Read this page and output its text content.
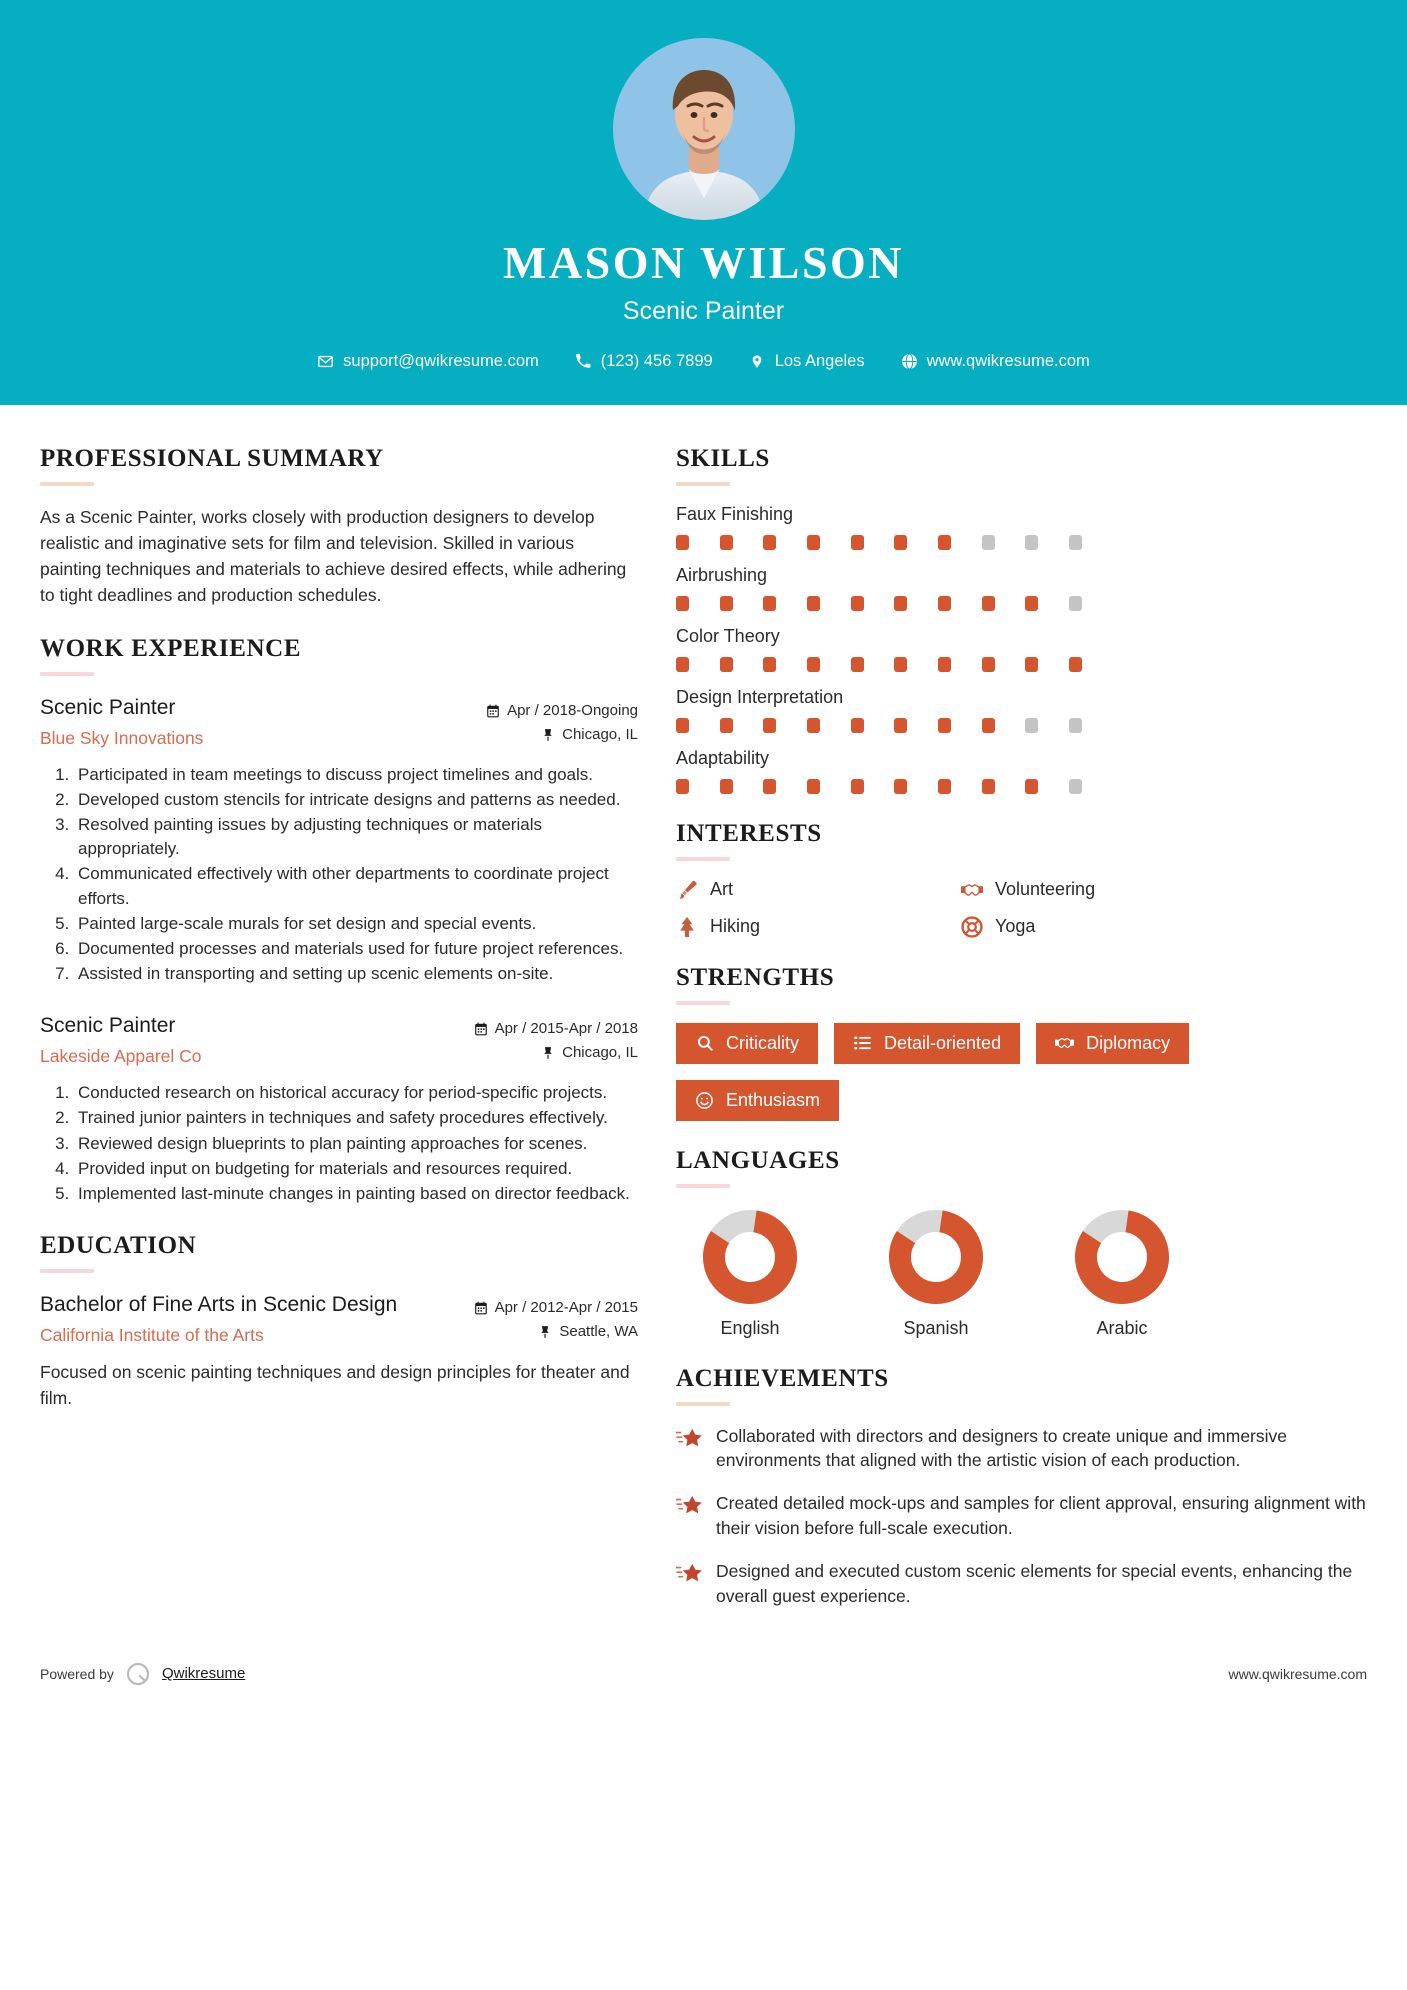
MASON WILSON
Scenic Painter
support@qwikresume.com	(123) 456 7899	Los Angeles	www.qwikresume.com
PROFESSIONAL SUMMARY
As a Scenic Painter, works closely with production designers to develop realistic and imaginative sets for film and television. Skilled in various painting techniques and materials to achieve desired effects, while adhering to tight deadlines and production schedules.
WORK EXPERIENCE
Scenic Painter
Blue Sky Innovations
Apr / 2018-Ongoing
Chicago, IL
1. Participated in team meetings to discuss project timelines and goals.
2. Developed custom stencils for intricate designs and patterns as needed.
3. Resolved painting issues by adjusting techniques or materials appropriately.
4. Communicated effectively with other departments to coordinate project efforts.
5. Painted large-scale murals for set design and special events.
6. Documented processes and materials used for future project references.
7. Assisted in transporting and setting up scenic elements on-site.
Scenic Painter
Lakeside Apparel Co
Apr / 2015-Apr / 2018
Chicago, IL
1. Conducted research on historical accuracy for period-specific projects.
2. Trained junior painters in techniques and safety procedures effectively.
3. Reviewed design blueprints to plan painting approaches for scenes.
4. Provided input on budgeting for materials and resources required.
5. Implemented last-minute changes in painting based on director feedback.
EDUCATION
Bachelor of Fine Arts in Scenic Design
California Institute of the Arts
Apr / 2012-Apr / 2015
Seattle, WA
Focused on scenic painting techniques and design principles for theater and film.
SKILLS
Faux Finishing
Airbrushing
Color Theory
Design Interpretation
Adaptability
INTERESTS
Art	Volunteering
Hiking	Yoga
STRENGTHS
Criticality	Detail-oriented	Diplomacy
Enthusiasm
LANGUAGES
English	Spanish	Arabic
ACHIEVEMENTS
Collaborated with directors and designers to create unique and immersive environments that aligned with the artistic vision of each production.
Created detailed mock-ups and samples for client approval, ensuring alignment with their vision before full-scale execution.
Designed and executed custom scenic elements for special events, enhancing the overall guest experience.
Powered by	Qwikresume	www.qwikresume.com
